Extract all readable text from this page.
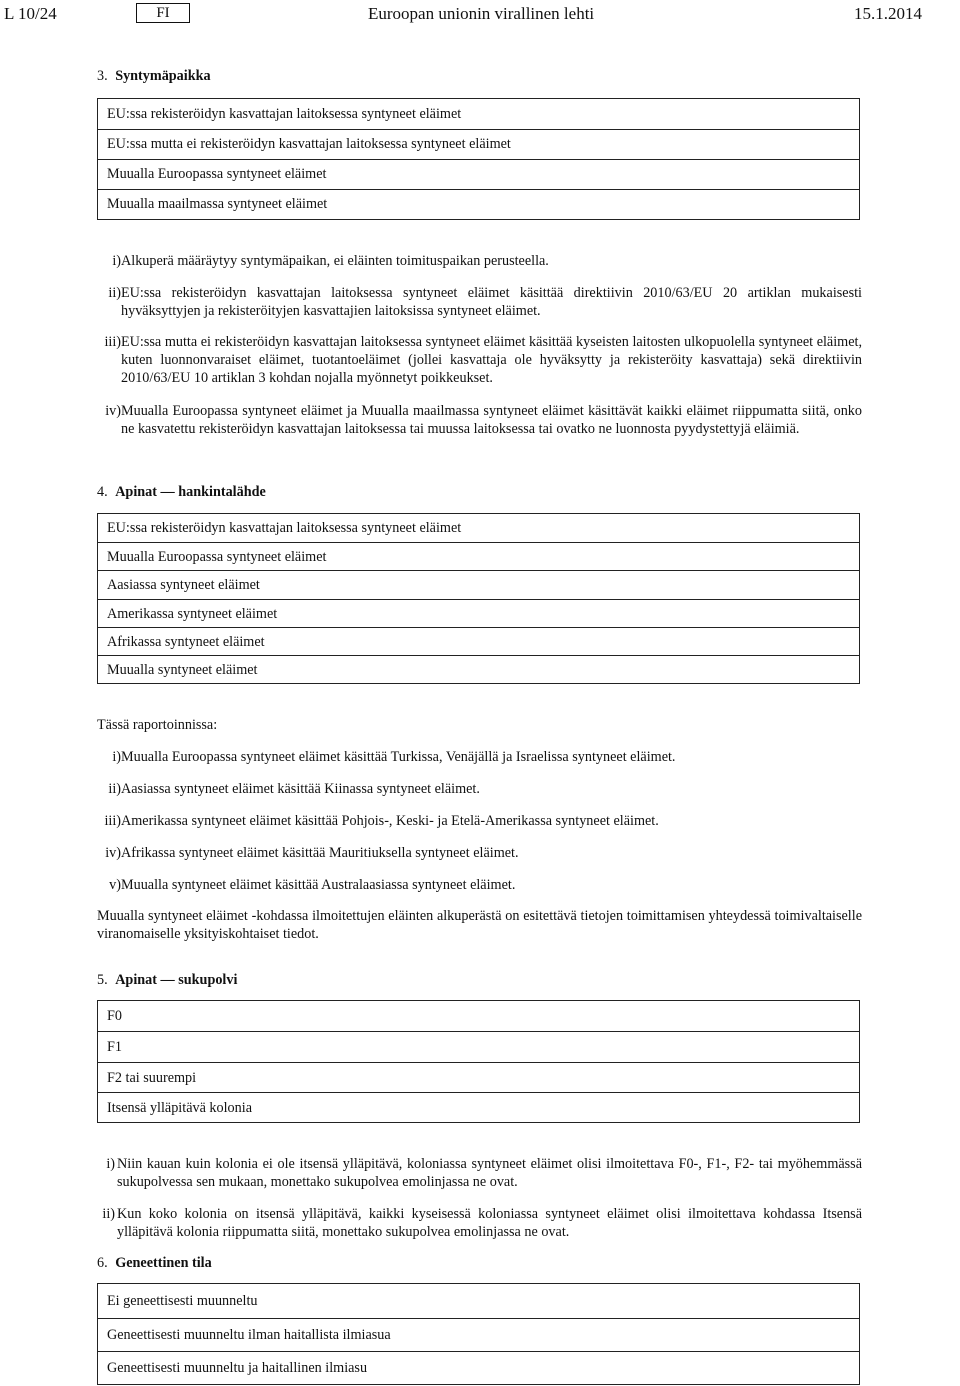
L 10/24	FI	Euroopan unionin virallinen lehti	15.1.2014
3. Syntymäpaikka
EU:ssa rekisteröidyn kasvattajan laitoksessa syntyneet eläimet
EU:ssa mutta ei rekisteröidyn kasvattajan laitoksessa syntyneet eläimet
Muualla Euroopassa syntyneet eläimet
Muualla maailmassa syntyneet eläimet
i) Alkuperä määräytyy syntymäpaikan, ei eläinten toimituspaikan perusteella.
ii) EU:ssa rekisteröidyn kasvattajan laitoksessa syntyneet eläimet käsittää direktiivin 2010/63/EU 20 artiklan mukaisesti hyväksyttyjen ja rekisteröityjen kasvattajien laitoksissa syntyneet eläimet.
iii) EU:ssa mutta ei rekisteröidyn kasvattajan laitoksessa syntyneet eläimet käsittää kyseisten laitosten ulkopuolella syntyneet eläimet, kuten luonnonvaraiset eläimet, tuotantoeläimet (jollei kasvattaja ole hyväksytty ja rekisteröity kasvattaja) sekä direktiivin 2010/63/EU 10 artiklan 3 kohdan nojalla myönnetyt poikkeukset.
iv) Muualla Euroopassa syntyneet eläimet ja Muualla maailmassa syntyneet eläimet käsittävät kaikki eläimet riippumatta siitä, onko ne kasvatettu rekisteröidyn kasvattajan laitoksessa tai muussa laitoksessa tai ovatko ne luonnosta pyydystettyjä eläimiä.
4. Apinat — hankintalähde
EU:ssa rekisteröidyn kasvattajan laitoksessa syntyneet eläimet
Muualla Euroopassa syntyneet eläimet
Aasiassa syntyneet eläimet
Amerikassa syntyneet eläimet
Afrikassa syntyneet eläimet
Muualla syntyneet eläimet
Tässä raportoinnissa:
i) Muualla Euroopassa syntyneet eläimet käsittää Turkissa, Venäjällä ja Israelissa syntyneet eläimet.
ii) Aasiassa syntyneet eläimet käsittää Kiinassa syntyneet eläimet.
iii) Amerikassa syntyneet eläimet käsittää Pohjois-, Keski- ja Etelä-Amerikassa syntyneet eläimet.
iv) Afrikassa syntyneet eläimet käsittää Mauritiuksella syntyneet eläimet.
v) Muualla syntyneet eläimet käsittää Australaasiassa syntyneet eläimet.
Muualla syntyneet eläimet -kohdassa ilmoitettujen eläinten alkuperästä on esitettävä tietojen toimittamisen yhteydessä toimivaltaiselle viranomaiselle yksityiskohtaiset tiedot.
5. Apinat — sukupolvi
F0
F1
F2 tai suurempi
Itsensä ylläpitävä kolonia
i) Niin kauan kuin kolonia ei ole itsensä ylläpitävä, koloniassa syntyneet eläimet olisi ilmoitettava F0-, F1-, F2- tai myöhemmässä sukupolvessa sen mukaan, monettako sukupolvea emolinjassa ne ovat.
ii) Kun koko kolonia on itsensä ylläpitävä, kaikki kyseisessä koloniassa syntyneet eläimet olisi ilmoitettava kohdassa Itsensä ylläpitävä kolonia riippumatta siitä, monettako sukupolvea emolinjassa ne ovat.
6. Geneettinen tila
Ei geneettisesti muunneltu
Geneettisesti muunneltu ilman haitallista ilmiasua
Geneettisesti muunneltu ja haitallinen ilmiasu
